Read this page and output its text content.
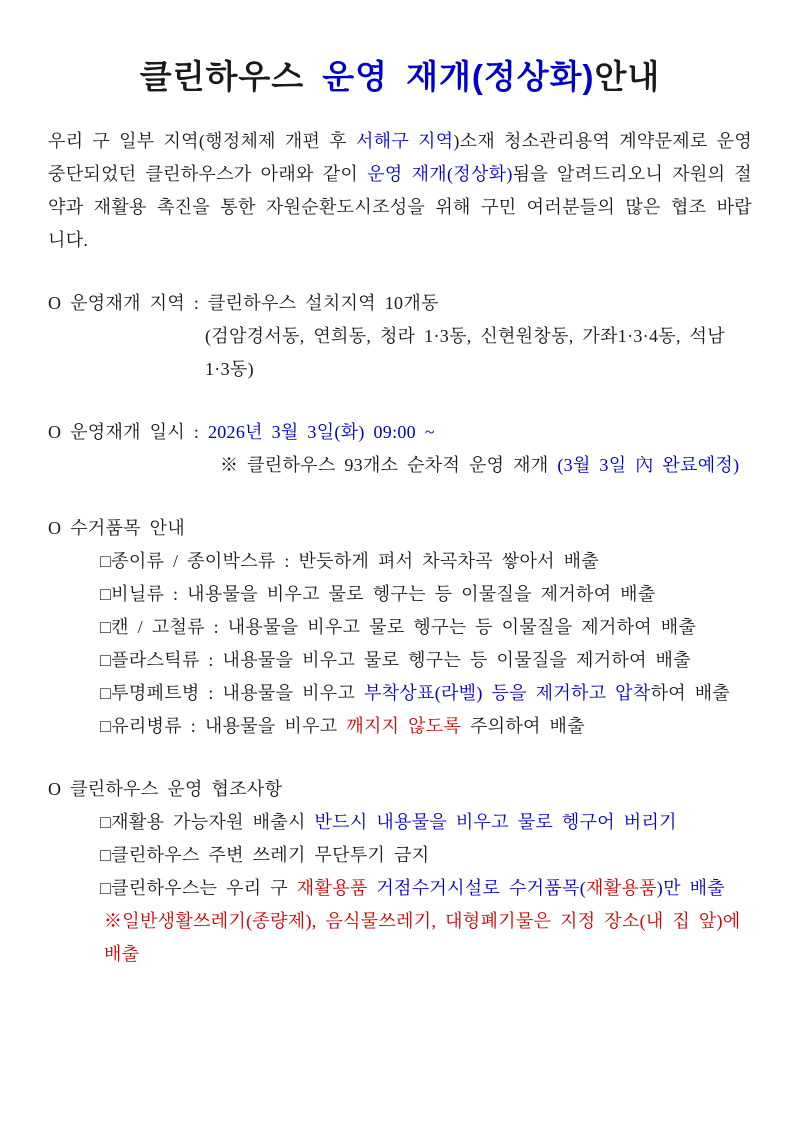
클린하우스 운영 재개(정상화)안내
우리 구 일부 지역(행정체제 개편 후 서해구 지역)소재 청소관리용역 계약문제로 운영 중단되었던 클린하우스가 아래와 같이 운영 재개(정상화)됨을 알려드리오니 자원의 절약과 재활용 촉진을 통한 자원순환도시조성을 위해 구민 여러분들의 많은 협조 바랍니다.
O 운영재개 지역 : 클린하우스 설치지역 10개동
(검암경서동, 연희동, 청라 1·3동, 신현원창동, 가좌1·3·4동, 석남 1·3동)
O 운영재개 일시 : 2026년 3월 3일(화) 09:00 ~
※ 클린하우스 93개소 순차적 운영 재개 (3월 3일 內 완료예정)
O 수거품목 안내
□종이류 / 종이박스류 : 반듯하게 펴서 차곡차곡 쌓아서 배출
□비닐류 : 내용물을 비우고 물로 헹구는 등 이물질을 제거하여 배출
□캔 / 고철류 : 내용물을 비우고 물로 헹구는 등 이물질을 제거하여 배출
□플라스틱류 : 내용물을 비우고 물로 헹구는 등 이물질을 제거하여 배출
□투명페트병 : 내용물을 비우고 부착상표(라벨) 등을 제거하고 압착하여 배출
□유리병류 : 내용물을 비우고 깨지지 않도록 주의하여 배출
O 클린하우스 운영 협조사항
□재활용 가능자원 배출시 반드시 내용물을 비우고 물로 헹구어 버리기
□클린하우스 주변 쓰레기 무단투기 금지
□클린하우스는 우리 구 재활용품 거점수거시설로 수거품목(재활용품)만 배출
※일반생활쓰레기(종량제), 음식물쓰레기, 대형폐기물은 지정 장소(내 집 앞)에 배출
